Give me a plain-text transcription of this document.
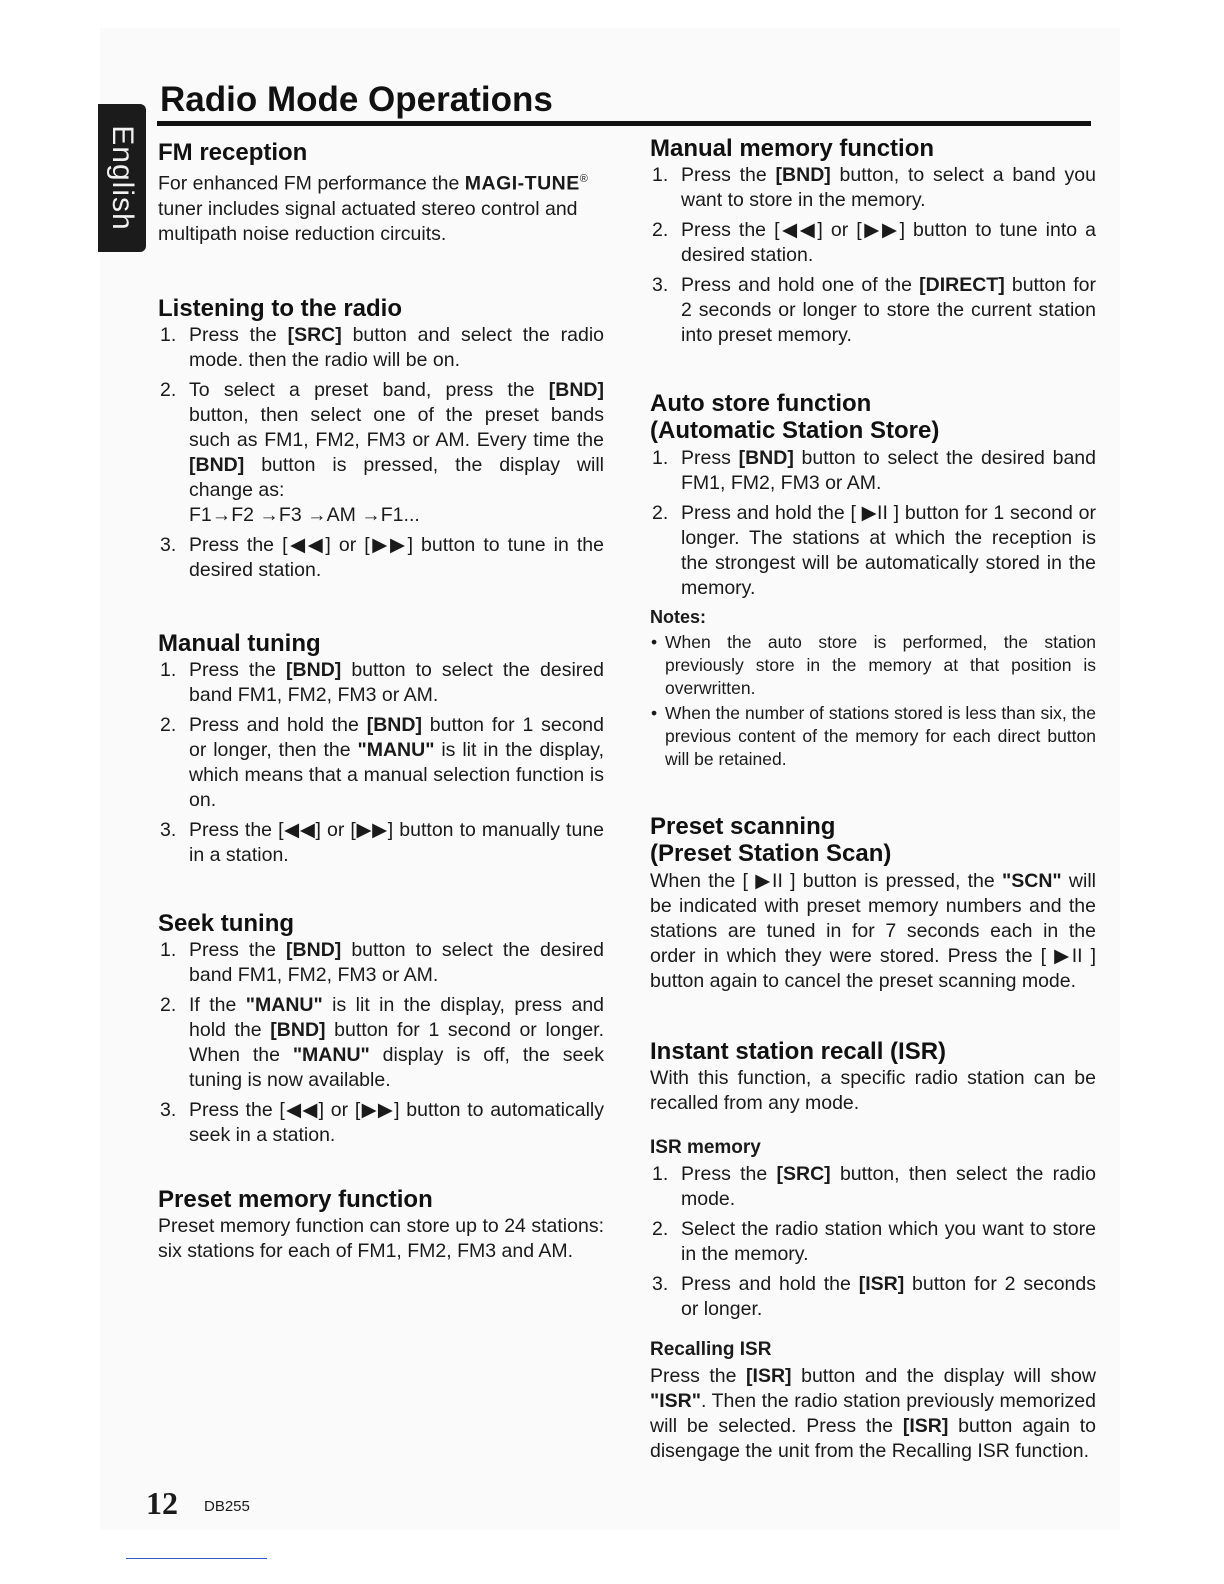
English
Radio Mode Operations
FM reception

For enhanced FM performance the MAGI-TUNE® tuner includes signal actuated stereo control and multipath noise reduction circuits.

Listening to the radio
1. Press the [SRC] button and select the radio mode. then the radio will be on.
2. To select a preset band, press the [BND] button, then select one of the preset bands such as FM1, FM2, FM3 or AM. Every time the [BND] button is pressed, the display will change as:
F1→F2 →F3 →AM →F1...
3. Press the [◀◀] or [▶▶] button to tune in the desired station.
Manual tuning
1. Press the [BND] button to select the desired band FM1, FM2, FM3 or AM.
2. Press and hold the [BND] button for 1 second or longer, then the "MANU" is lit in the display, which means that a manual selection function is on.
3. Press the [◀◀] or [▶▶] button to manually tune in a station.
Seek tuning
1. Press the [BND] button to select the desired band FM1, FM2, FM3 or AM.
2. If the "MANU" is lit in the display, press and hold the [BND] button for 1 second or longer. When the "MANU" display is off, the seek tuning is now available.
3. Press the [◀◀] or [▶▶] button to automatically seek in a station.
Preset memory function

Preset memory function can store up to 24 stations: six stations for each of FM1, FM2, FM3 and AM.

Manual memory function
1. Press the [BND] button, to select a band you want to store in the memory.
2. Press the [◀◀] or [▶▶] button to tune into a desired station.
3. Press and hold one of the [DIRECT] button for 2 seconds or longer to store the current station into preset memory.
Auto store function
(Automatic Station Store)
1. Press [BND] button to select the desired band FM1, FM2, FM3 or AM.
2. Press and hold the [ ▶II ] button for 1 second or longer. The stations at which the reception is the strongest will be automatically stored in the memory.

Notes:

• When the auto store is performed, the station previously store in the memory at that position is overwritten.
• When the number of stations stored is less than six, the previous content of the memory for each direct button will be retained.
Preset scanning
(Preset Station Scan)

When the [ ▶II ] button is pressed, the "SCN" will be indicated with preset memory numbers and the stations are tuned in for 7 seconds each in the order in which they were stored. Press the [ ▶II ] button again to cancel the preset scanning mode.

Instant station recall (ISR)

With this function, a specific radio station can be recalled from any mode.

ISR memory
1. Press the [SRC] button, then select the radio mode.
2. Select the radio station which you want to store in the memory.
3. Press and hold the [ISR] button for 2 seconds or longer.
Recalling ISR

Press the [ISR] button and the display will show "ISR". Then the radio station previously memorized will be selected. Press the [ISR] button again to disengage the unit from the Recalling ISR function.

12 DB255
